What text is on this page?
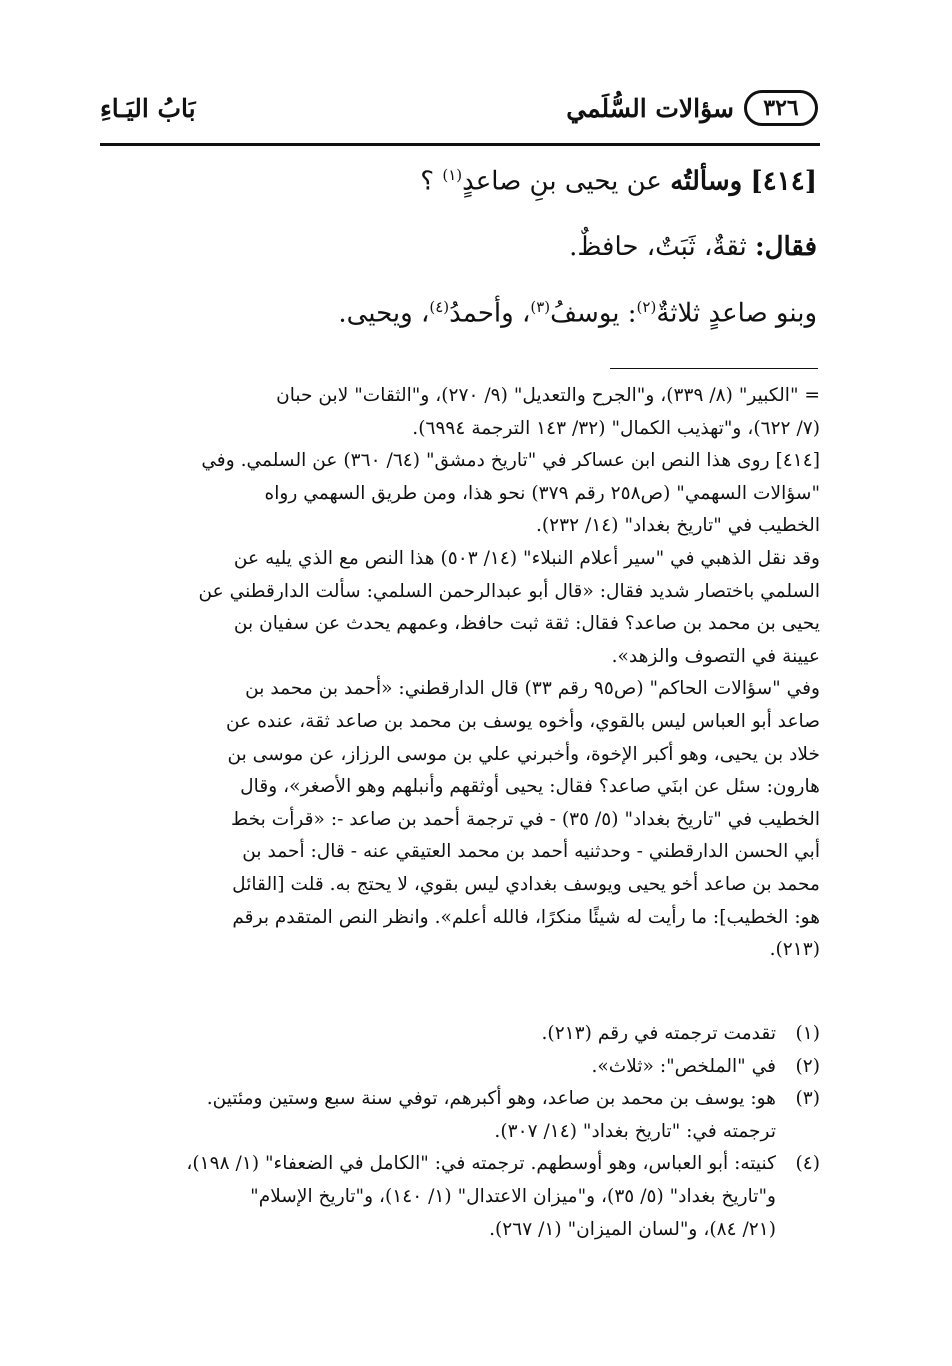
٣٢٦
سؤالات السُّلَمي
بَابُ اليَـاءِ

[٤١٤] وسألتُه عن يحيى بنِ صاعدٍ$^{(١)}$ ؟

فقال: ثقةٌ، ثَبَتٌ، حافظٌ.

وبنو صاعدٍ ثلاثةٌ$^{(٢)}$: يوسفُ$^{(٣)}$، وأحمدُ$^{(٤)}$، ويحيى.

= "الكبير" (٨/ ٣٣٩)، و"الجرح والتعديل" (٩/ ٢٧٠)، و"الثقات" لابن حبان

(٧/ ٦٢٢)، و"تهذيب الكمال" (٣٢/ ١٤٣ الترجمة ٦٩٩٤).

[٤١٤] روى هذا النص ابن عساكر في "تاريخ دمشق" (٦٤/ ٣٦٠) عن السلمي. وفي

"سؤالات السهمي" (ص٢٥٨ رقم ٣٧٩) نحو هذا، ومن طريق السهمي رواه

الخطيب في "تاريخ بغداد" (١٤/ ٢٣٢).

وقد نقل الذهبي في "سير أعلام النبلاء" (١٤/ ٥٠٣) هذا النص مع الذي يليه عن

السلمي باختصار شديد فقال: «قال أبو عبدالرحمن السلمي: سألت الدارقطني عن

يحيى بن محمد بن صاعد؟ فقال: ثقة ثبت حافظ، وعمهم يحدث عن سفيان بن

عيينة في التصوف والزهد».

وفي "سؤالات الحاكم" (ص٩٥ رقم ٣٣) قال الدارقطني: «أحمد بن محمد بن

صاعد أبو العباس ليس بالقوي، وأخوه يوسف بن محمد بن صاعد ثقة، عنده عن

خلاد بن يحيى، وهو أكبر الإخوة، وأخبرني علي بن موسى الرزاز، عن موسى بن

هارون: سئل عن ابنَي صاعد؟ فقال: يحيى أوثقهم وأنبلهم وهو الأصغر»، وقال

الخطيب في "تاريخ بغداد" (٥/ ٣٥) - في ترجمة أحمد بن صاعد -: «قرأت بخط

أبي الحسن الدارقطني - وحدثنيه أحمد بن محمد العتيقي عنه - قال: أحمد بن

محمد بن صاعد أخو يحيى ويوسف بغدادي ليس بقوي، لا يحتج به. قلت [القائل

هو: الخطيب]: ما رأيت له شيئًا منكرًا، فالله أعلم». وانظر النص المتقدم برقم

(٢١٣).

(١)

تقدمت ترجمته في رقم (٢١٣).

(٢)

في "الملخص": «ثلاث».

(٣)

هو: يوسف بن محمد بن صاعد، وهو أكبرهم، توفي سنة سبع وستين ومئتين.

ترجمته في: "تاريخ بغداد" (١٤/ ٣٠٧).

(٤)

كنيته: أبو العباس، وهو أوسطهم. ترجمته في: "الكامل في الضعفاء" (١/ ١٩٨)،

و"تاريخ بغداد" (٥/ ٣٥)، و"ميزان الاعتدال" (١/ ١٤٠)، و"تاريخ الإسلام"

(٢١/ ٨٤)، و"لسان الميزان" (١/ ٢٦٧).
